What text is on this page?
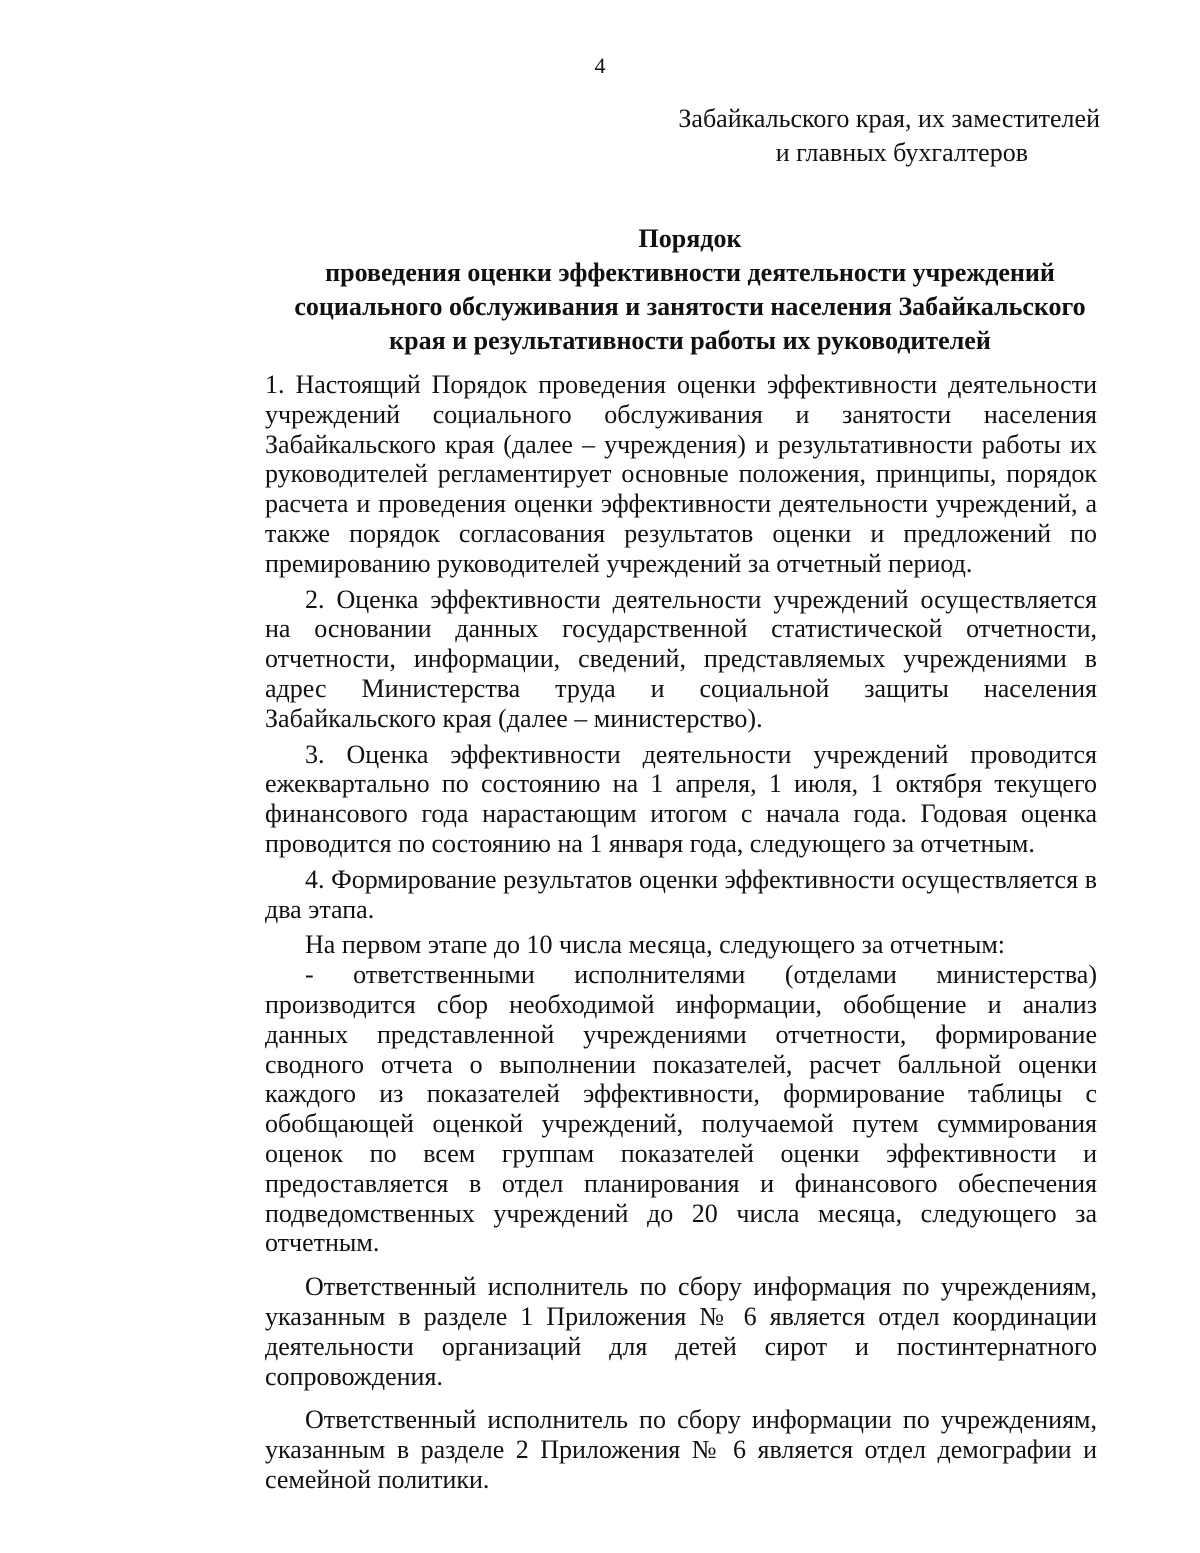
4
Забайкальского края, их заместителей
и главных бухгалтеров
Порядок
проведения оценки эффективности деятельности учреждений
социального обслуживания и занятости населения Забайкальского
края и результативности работы их руководителей

1. Настоящий Порядок проведения оценки эффективности деятельности учреждений социального обслуживания и занятости населения Забайкальского края (далее – учреждения) и результативности работы их руководителей регламентирует основные положения, принципы, порядок расчета и проведения оценки эффективности деятельности учреждений, а также порядок согласования результатов оценки и предложений по премированию руководителей учреждений за отчетный период.

2. Оценка эффективности деятельности учреждений осуществляется на основании данных государственной статистической отчетности, отчетности, информации, сведений, представляемых учреждениями в адрес Министерства труда и социальной защиты населения Забайкальского края (далее – министерство).

3. Оценка эффективности деятельности учреждений проводится ежеквартально по состоянию на 1 апреля, 1 июля, 1 октября текущего финансового года нарастающим итогом с начала года. Годовая оценка проводится по состоянию на 1 января года, следующего за отчетным.

4. Формирование результатов оценки эффективности осуществляется в два этапа.

На первом этапе до 10 числа месяца, следующего за отчетным:

- ответственными исполнителями (отделами министерства) производится сбор необходимой информации, обобщение и анализ данных представленной учреждениями отчетности, формирование сводного отчета о выполнении показателей, расчет балльной оценки каждого из показателей эффективности, формирование таблицы с обобщающей оценкой учреждений, получаемой путем суммирования оценок по всем группам показателей оценки эффективности и предоставляется в отдел планирования и финансового обеспечения подведомственных учреждений до 20 числа месяца, следующего за отчетным.

Ответственный исполнитель по сбору информация по учреждениям, указанным в разделе 1 Приложения № 6 является отдел координации деятельности организаций для детей сирот и постинтернатного сопровождения.

Ответственный исполнитель по сбору информации по учреждениям, указанным в разделе 2 Приложения № 6 является отдел демографии и семейной политики.
